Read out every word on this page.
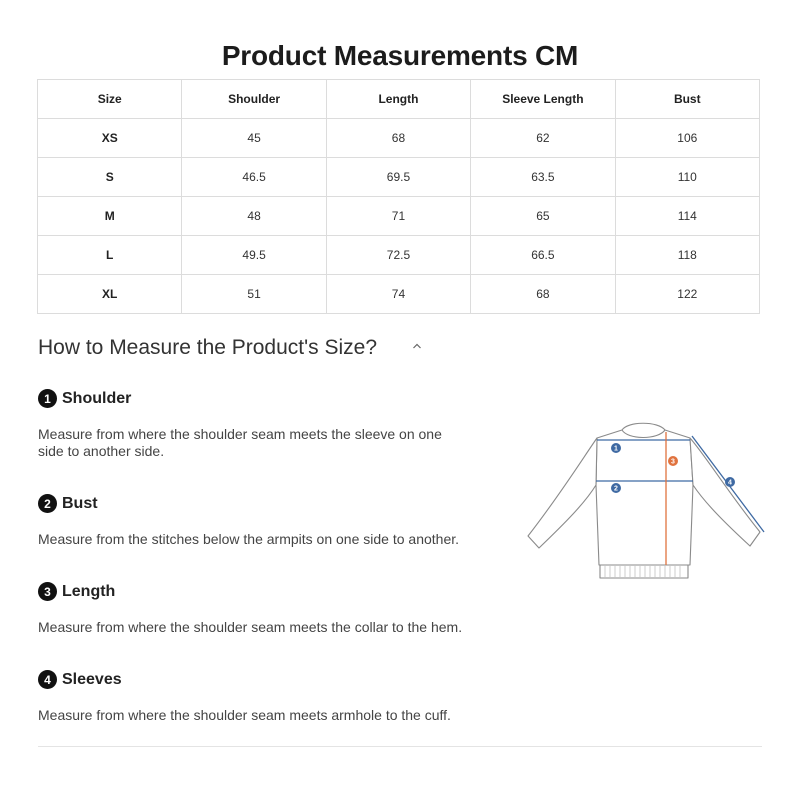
Product Measurements CM
Size	Shoulder	Length	Sleeve Length	Bust
XS	45	68	62	106
S	46.5	69.5	63.5	110
M	48	71	65	114
L	49.5	72.5	66.5	118
XL	51	74	68	122
How to Measure the Product's Size?
1 Shoulder

Measure from where the shoulder seam meets the sleeve on one side to another side.

2 Bust

Measure from the stitches below the armpits on one side to another.

3 Length

Measure from where the shoulder seam meets the collar to the hem.

4 Sleeves

Measure from where the shoulder seam meets armhole to the cuff.

1
2
3
4
